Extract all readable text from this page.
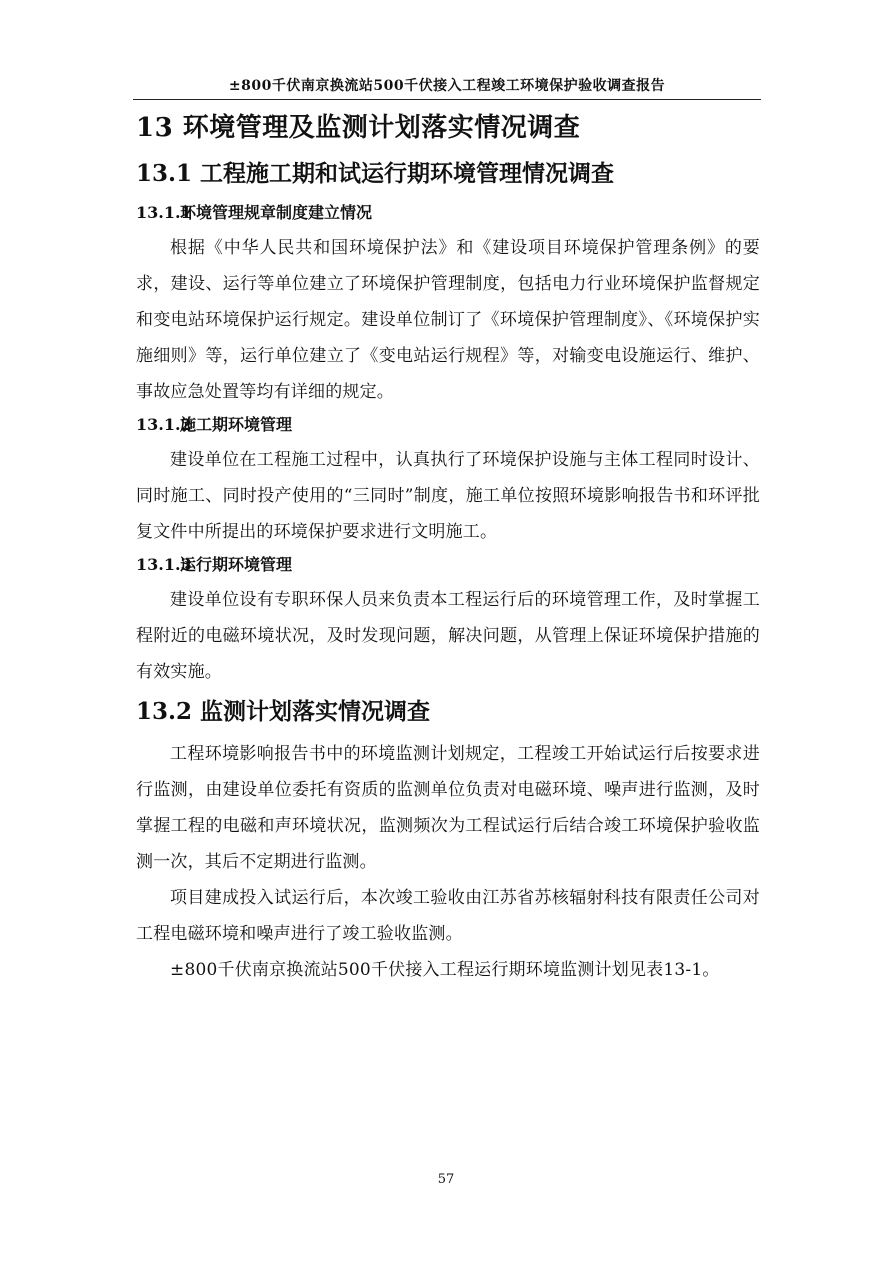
±800千伏南京换流站500千伏接入工程竣工环境保护验收调查报告
13 环境管理及监测计划落实情况调查
13.1 工程施工期和试运行期环境管理情况调查
13.1.1环境管理规章制度建立情况

根据《中华人民共和国环境保护法》和《建设项目环境保护管理条例》的要求，建设、运行等单位建立了环境保护管理制度，包括电力行业环境保护监督规定和变电站环境保护运行规定。建设单位制订了《环境保护管理制度》、《环境保护实施细则》等，运行单位建立了《变电站运行规程》等，对输变电设施运行、维护、事故应急处置等均有详细的规定。

13.1.2施工期环境管理

建设单位在工程施工过程中，认真执行了环境保护设施与主体工程同时设计、同时施工、同时投产使用的“三同时”制度，施工单位按照环境影响报告书和环评批复文件中所提出的环境保护要求进行文明施工。

13.1.3运行期环境管理

建设单位设有专职环保人员来负责本工程运行后的环境管理工作，及时掌握工程附近的电磁环境状况，及时发现问题，解决问题，从管理上保证环境保护措施的有效实施。

13.2 监测计划落实情况调查

工程环境影响报告书中的环境监测计划规定，工程竣工开始试运行后按要求进行监测，由建设单位委托有资质的监测单位负责对电磁环境、噪声进行监测，及时掌握工程的电磁和声环境状况，监测频次为工程试运行后结合竣工环境保护验收监测一次，其后不定期进行监测。

项目建成投入试运行后，本次竣工验收由江苏省苏核辐射科技有限责任公司对工程电磁环境和噪声进行了竣工验收监测。

±800千伏南京换流站500千伏接入工程运行期环境监测计划见表13-1。

57
